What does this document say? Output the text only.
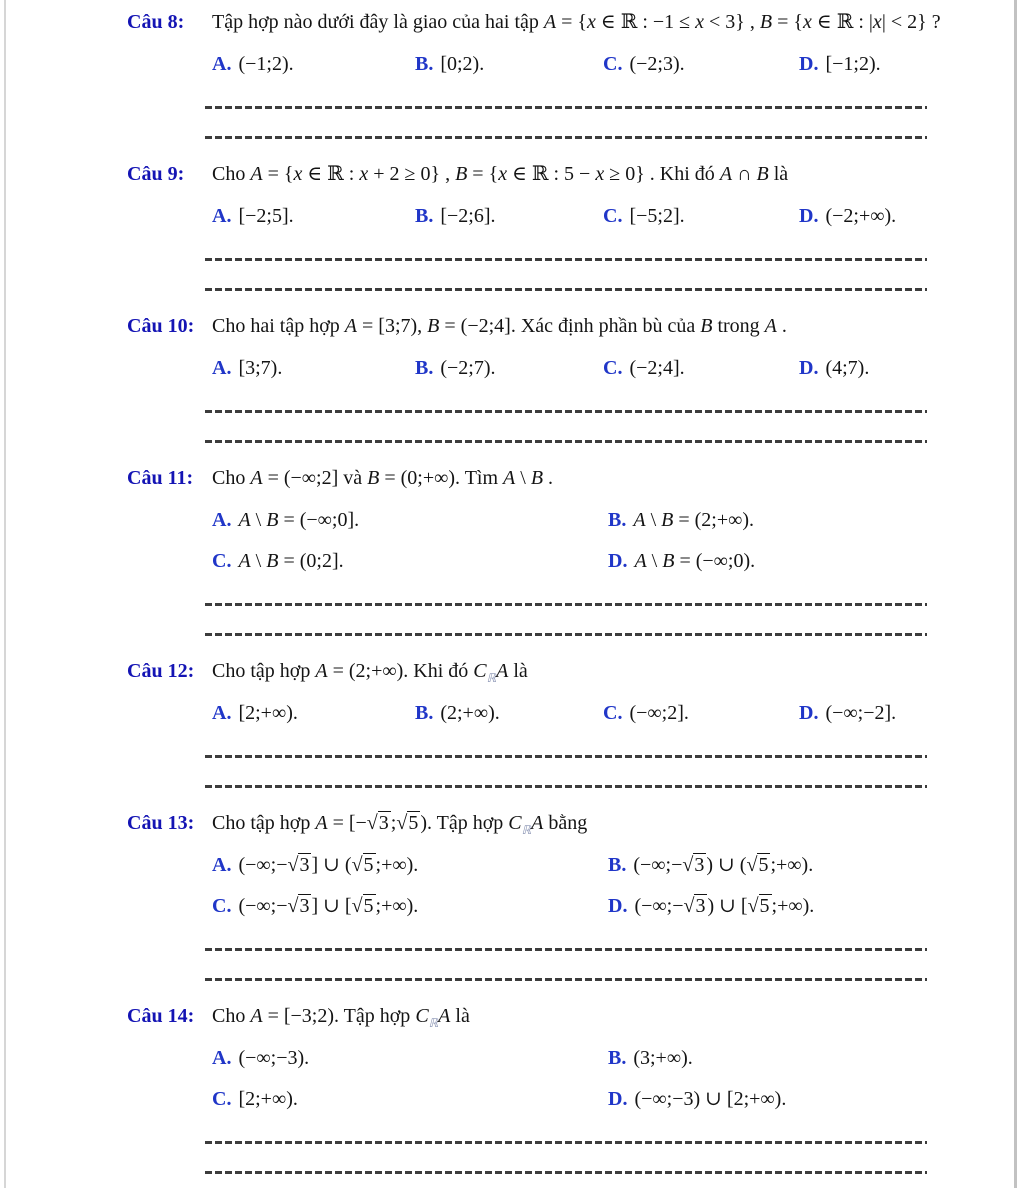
Câu 8:	Tập hợp nào dưới đây là giao của hai tập A = {x ∈ ℝ : −1 ≤ x < 3} , B = {x ∈ ℝ : |x| < 2} ?
A. (−1;2).	B. [0;2).	C. (−2;3).	D. [−1;2).
Câu 9:	Cho A = {x ∈ ℝ : x + 2 ≥ 0} , B = {x ∈ ℝ : 5 − x ≥ 0} . Khi đó A ∩ B là
A. [−2;5].	B. [−2;6].	C. [−5;2].	D. (−2;+∞).
Câu 10: Cho hai tập hợp A = [3;7), B = (−2;4]. Xác định phần bù của B trong A .
A. [3;7).	B. (−2;7).	C. (−2;4].	D. (4;7).
Câu 11: Cho A = (−∞;2] và B = (0;+∞). Tìm A \ B .
A. A \ B = (−∞;0].	B. A \ B = (2;+∞).
C. A \ B = (0;2].	D. A \ B = (−∞;0).
Câu 12: Cho tập hợp A = (2;+∞). Khi đó $C_ℝA$ là
A. [2;+∞).	B. (2;+∞).	C. (−∞;2].	D. (−∞;−2].
Câu 13: Cho tập hợp A = [−√3 ;√5 ). Tập hợp $C_ℝA$ bằng
A. (−∞;−√3 ] ∪ (√5 ;+∞).	B. (−∞;−√3 ) ∪ (√5 ;+∞).
C. (−∞;−√3 ] ∪ [√5 ;+∞).	D. (−∞;−√3 ) ∪ [√5 ;+∞).
Câu 14: Cho A = [−3;2). Tập hợp $C_ℝA$ là
A. (−∞;−3).	B. (3;+∞).
C. [2;+∞).	D. (−∞;−3) ∪ [2;+∞).
